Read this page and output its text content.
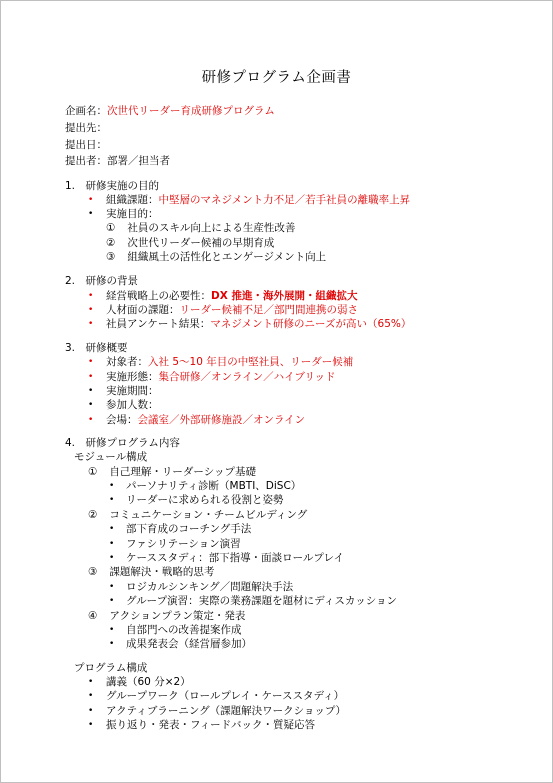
研修プログラム企画書
企画名：次世代リーダー育成研修プログラム
提出先：
提出日：
提出者：部署／担当者
1.　研修実施の目的
• 組織課題：中堅層のマネジメント力不足／若手社員の離職率上昇
• 実施目的：
① 社員のスキル向上による生産性改善
② 次世代リーダー候補の早期育成
③ 組織風土の活性化とエンゲージメント向上
2.　研修の背景
• 経営戦略上の必要性：DX 推進・海外展開・組織拡大
• 人材面の課題：リーダー候補不足／部門間連携の弱さ
• 社員アンケート結果：マネジメント研修のニーズが高い（65%）
3.　研修概要
• 対象者：入社 5〜10 年目の中堅社員、リーダー候補
• 実施形態：集合研修／オンライン／ハイブリッド
• 実施期間：
• 参加人数：
• 会場：会議室／外部研修施設／オンライン
4.　研修プログラム内容
モジュール構成
① 自己理解・リーダーシップ基礎
• パーソナリティ診断（MBTI、DiSC）
• リーダーに求められる役割と姿勢
② コミュニケーション・チームビルディング
• 部下育成のコーチング手法
• ファシリテーション演習
• ケーススタディ：部下指導・面談ロールプレイ
③ 課題解決・戦略的思考
• ロジカルシンキング／問題解決手法
• グループ演習：実際の業務課題を題材にディスカッション
④ アクションプラン策定・発表
• 自部門への改善提案作成
• 成果発表会（経営層参加）
プログラム構成
• 講義（60 分×2）
• グループワーク（ロールプレイ・ケーススタディ）
• アクティブラーニング（課題解決ワークショップ）
• 振り返り・発表・フィードバック・質疑応答
